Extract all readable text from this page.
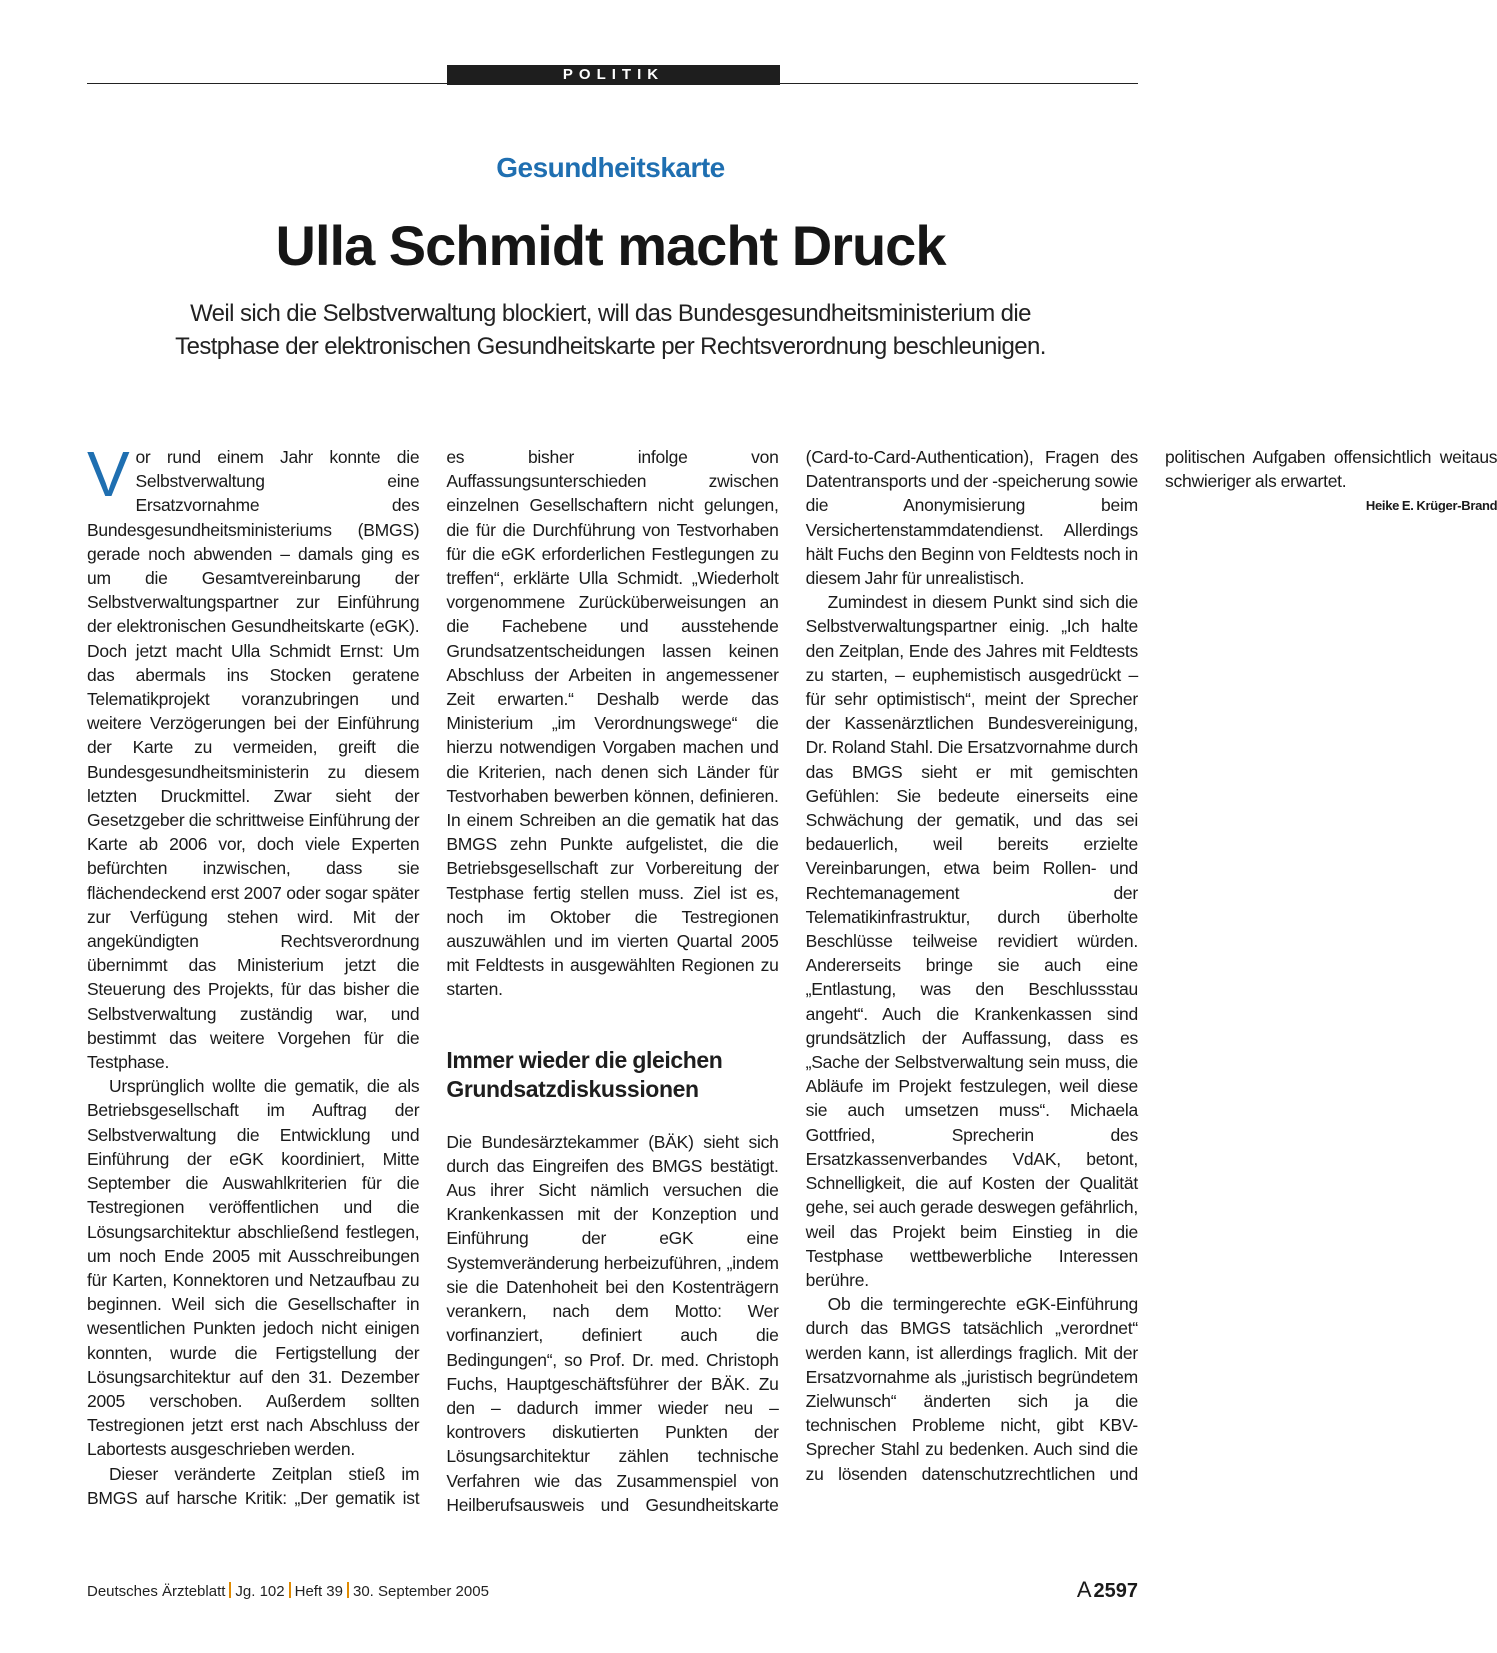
POLITIK
Gesundheitskarte
Ulla Schmidt macht Druck
Weil sich die Selbstverwaltung blockiert, will das Bundesgesundheitsministerium die Testphase der elektronischen Gesundheitskarte per Rechtsverordnung beschleunigen.
Deutsches Ärzteblatt Jg. 102 Heft 39 30. September 2005	A 2597

Vor rund einem Jahr konnte die Selbstverwaltung eine Ersatzvornahme des Bundesgesundheitsministeriums (BMGS) gerade noch abwenden – damals ging es um die Gesamtvereinbarung der Selbstverwaltungspartner zur Einführung der elektronischen Gesundheitskarte (eGK). Doch jetzt macht Ulla Schmidt Ernst: Um das abermals ins Stocken geratene Telematikprojekt voranzubringen und weitere Verzögerungen bei der Einführung der Karte zu vermeiden, greift die Bundesgesundheitsministerin zu diesem letzten Druckmittel. Zwar sieht der Gesetzgeber die schrittweise Einführung der Karte ab 2006 vor, doch viele Experten befürchten inzwischen, dass sie flächendeckend erst 2007 oder sogar später zur Verfügung stehen wird. Mit der angekündigten Rechtsverordnung übernimmt das Ministerium jetzt die Steuerung des Projekts, für das bisher die Selbstverwaltung zuständig war, und bestimmt das weitere Vorgehen für die Testphase.

Ursprünglich wollte die gematik, die als Betriebsgesellschaft im Auftrag der Selbstverwaltung die Entwicklung und Einführung der eGK koordiniert, Mitte September die Auswahlkriterien für die Testregionen veröffentlichen und die Lösungsarchitektur abschließend festlegen, um noch Ende 2005 mit Ausschreibungen für Karten, Konnektoren und Netzaufbau zu beginnen. Weil sich die Gesellschafter in wesentlichen Punkten jedoch nicht einigen konnten, wurde die Fertigstellung der Lösungsarchitektur auf den 31. Dezember 2005 verschoben. Außerdem sollten Testregionen jetzt erst nach Abschluss der Labortests ausgeschrieben werden.

Dieser veränderte Zeitplan stieß im BMGS auf harsche Kritik: „Der gematik ist es bisher infolge von Auffassungsunterschieden zwischen einzelnen Gesellschaftern nicht gelungen, die für die Durchführung von Testvorhaben für die eGK erforderlichen Festlegungen zu treffen“, erklärte Ulla Schmidt. „Wiederholt vorgenommene Zurücküberweisungen an die Fachebene und ausstehende Grundsatzentscheidungen lassen keinen Abschluss der Arbeiten in angemessener Zeit erwarten.“ Deshalb werde das Ministerium „im Verordnungswege“ die hierzu notwendigen Vorgaben machen und die Kriterien, nach denen sich Länder für Testvorhaben bewerben können, definieren. In einem Schreiben an die gematik hat das BMGS zehn Punkte aufgelistet, die die Betriebsgesellschaft zur Vorbereitung der Testphase fertig stellen muss. Ziel ist es, noch im Oktober die Testregionen auszuwählen und im vierten Quartal 2005 mit Feldtests in ausgewählten Regionen zu starten.

Immer wieder die gleichen Grundsatzdiskussionen

Die Bundesärztekammer (BÄK) sieht sich durch das Eingreifen des BMGS bestätigt. Aus ihrer Sicht nämlich versuchen die Krankenkassen mit der Konzeption und Einführung der eGK eine Systemveränderung herbeizuführen, „indem sie die Datenhoheit bei den Kostenträgern verankern, nach dem Motto: Wer vorfinanziert, definiert auch die Bedingungen“, so Prof. Dr. med. Christoph Fuchs, Hauptgeschäftsführer der BÄK. Zu den – dadurch immer wieder neu – kontrovers diskutierten Punkten der Lösungsarchitektur zählen technische Verfahren wie das Zusammenspiel von Heilberufsausweis und Gesundheitskarte (Card-to-Card-Authentication), Fragen des Datentransports und der -speicherung sowie die Anonymisierung beim Versichertenstammdatendienst. Allerdings hält Fuchs den Beginn von Feldtests noch in diesem Jahr für unrealistisch.

Zumindest in diesem Punkt sind sich die Selbstverwaltungspartner einig. „Ich halte den Zeitplan, Ende des Jahres mit Feldtests zu starten, – euphemistisch ausgedrückt – für sehr optimistisch“, meint der Sprecher der Kassenärztlichen Bundesvereinigung, Dr. Roland Stahl. Die Ersatzvornahme durch das BMGS sieht er mit gemischten Gefühlen: Sie bedeute einerseits eine Schwächung der gematik, und das sei bedauerlich, weil bereits erzielte Vereinbarungen, etwa beim Rollen- und Rechtemanagement der Telematikinfrastruktur, durch überholte Beschlüsse teilweise revidiert würden. Andererseits bringe sie auch eine „Entlastung, was den Beschlussstau angeht“. Auch die Krankenkassen sind grundsätzlich der Auffassung, dass es „Sache der Selbstverwaltung sein muss, die Abläufe im Projekt festzulegen, weil diese sie auch umsetzen muss“. Michaela Gottfried, Sprecherin des Ersatzkassenverbandes VdAK, betont, Schnelligkeit, die auf Kosten der Qualität gehe, sei auch gerade deswegen gefährlich, weil das Projekt beim Einstieg in die Testphase wettbewerbliche Interessen berühre.

Ob die termingerechte eGK-Einführung durch das BMGS tatsächlich „verordnet“ werden kann, ist allerdings fraglich. Mit der Ersatzvornahme als „juristisch begründetem Zielwunsch“ änderten sich ja die technischen Probleme nicht, gibt KBV-Sprecher Stahl zu bedenken. Auch sind die zu lösenden datenschutzrechtlichen und politischen Aufgaben offensichtlich weitaus schwieriger als erwartet.
Heike E. Krüger-Brand
